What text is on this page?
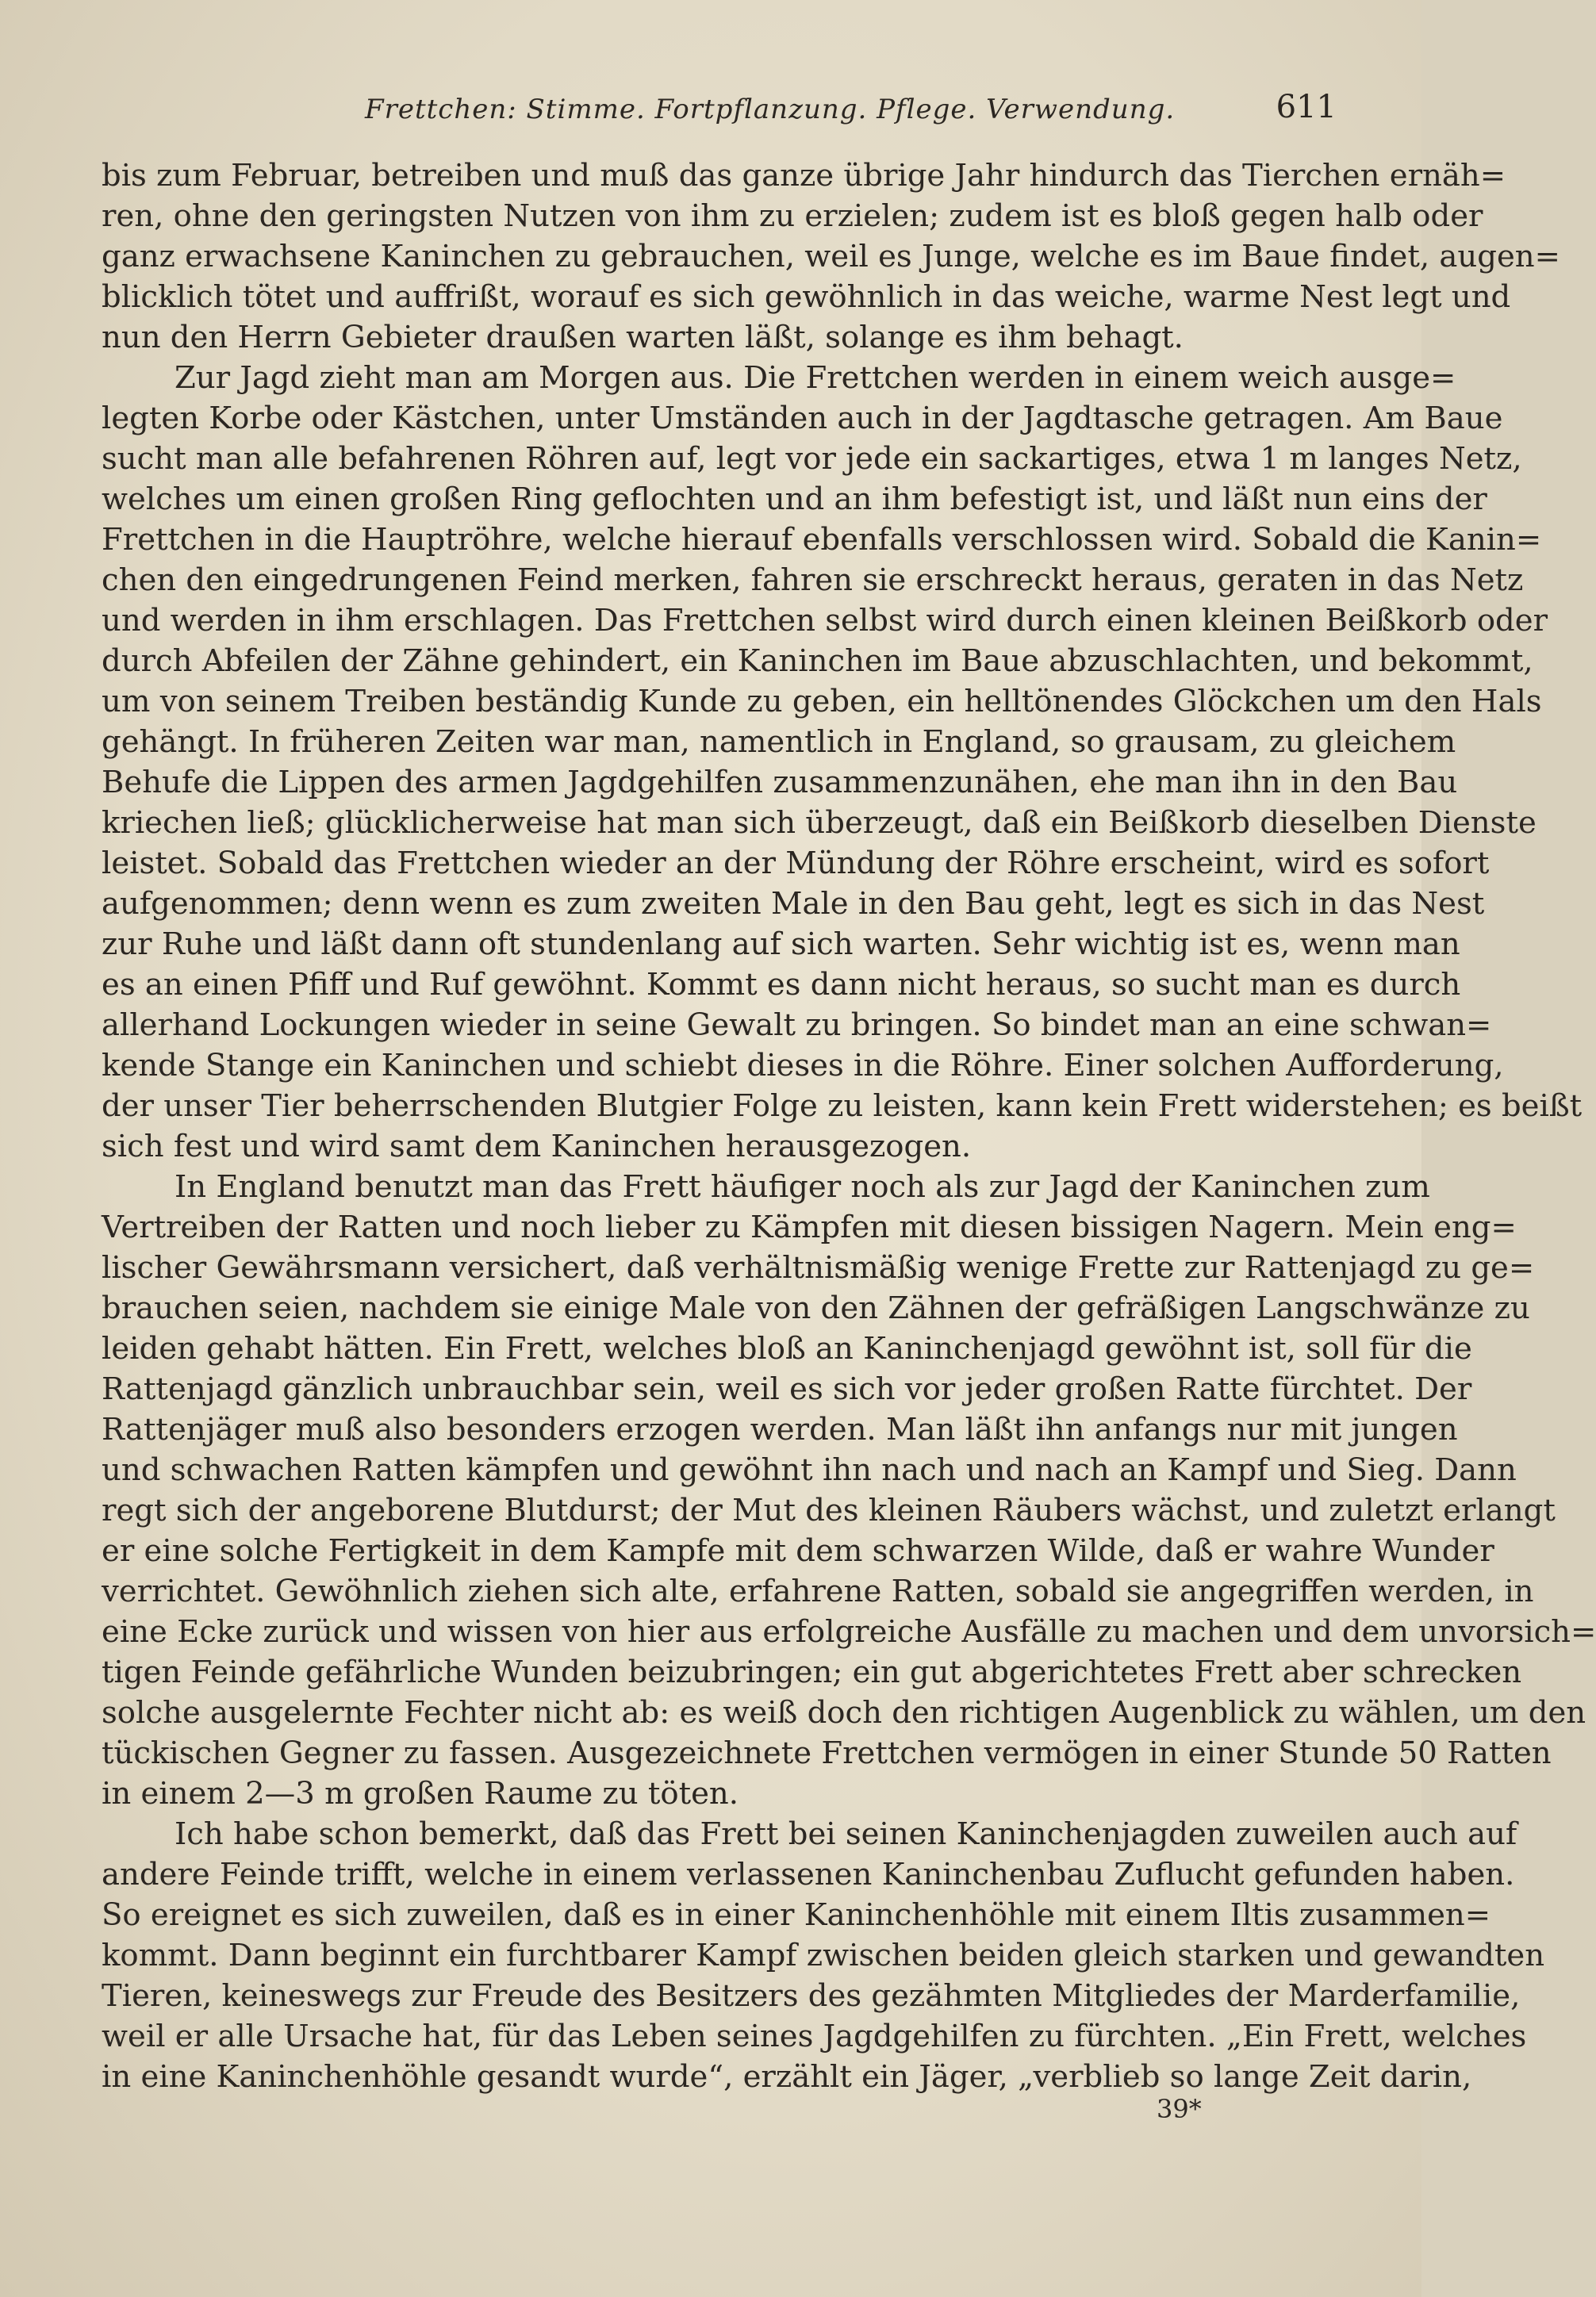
Frettchen: Stimme. Fortpflanzung. Pflege. Verwendung.	611
bis zum Februar, betreiben und muß das ganze übrige Jahr hindurch das Tierchen ernäh=
ren, ohne den geringsten Nutzen von ihm zu erzielen; zudem ist es bloß gegen halb oder
ganz erwachsene Kaninchen zu gebrauchen, weil es Junge, welche es im Baue findet, augen=
blicklich tötet und auffrißt, worauf es sich gewöhnlich in das weiche, warme Nest legt und
nun den Herrn Gebieter draußen warten läßt, solange es ihm behagt.
Zur Jagd zieht man am Morgen aus. Die Frettchen werden in einem weich ausge=
legten Korbe oder Kästchen, unter Umständen auch in der Jagdtasche getragen. Am Baue
sucht man alle befahrenen Röhren auf, legt vor jede ein sackartiges, etwa 1 m langes Netz,
welches um einen großen Ring geflochten und an ihm befestigt ist, und läßt nun eins der
Frettchen in die Hauptröhre, welche hierauf ebenfalls verschlossen wird. Sobald die Kanin=
chen den eingedrungenen Feind merken, fahren sie erschreckt heraus, geraten in das Netz
und werden in ihm erschlagen. Das Frettchen selbst wird durch einen kleinen Beißkorb oder
durch Abfeilen der Zähne gehindert, ein Kaninchen im Baue abzuschlachten, und bekommt,
um von seinem Treiben beständig Kunde zu geben, ein helltönendes Glöckchen um den Hals
gehängt. In früheren Zeiten war man, namentlich in England, so grausam, zu gleichem
Behufe die Lippen des armen Jagdgehilfen zusammenzunähen, ehe man ihn in den Bau
kriechen ließ; glücklicherweise hat man sich überzeugt, daß ein Beißkorb dieselben Dienste
leistet. Sobald das Frettchen wieder an der Mündung der Röhre erscheint, wird es sofort
aufgenommen; denn wenn es zum zweiten Male in den Bau geht, legt es sich in das Nest
zur Ruhe und läßt dann oft stundenlang auf sich warten. Sehr wichtig ist es, wenn man
es an einen Pfiff und Ruf gewöhnt. Kommt es dann nicht heraus, so sucht man es durch
allerhand Lockungen wieder in seine Gewalt zu bringen. So bindet man an eine schwan=
kende Stange ein Kaninchen und schiebt dieses in die Röhre. Einer solchen Aufforderung,
der unser Tier beherrschenden Blutgier Folge zu leisten, kann kein Frett widerstehen; es beißt
sich fest und wird samt dem Kaninchen herausgezogen.
In England benutzt man das Frett häufiger noch als zur Jagd der Kaninchen zum
Vertreiben der Ratten und noch lieber zu Kämpfen mit diesen bissigen Nagern. Mein eng=
lischer Gewährsmann versichert, daß verhältnismäßig wenige Frette zur Rattenjagd zu ge=
brauchen seien, nachdem sie einige Male von den Zähnen der gefräßigen Langschwänze zu
leiden gehabt hätten. Ein Frett, welches bloß an Kaninchenjagd gewöhnt ist, soll für die
Rattenjagd gänzlich unbrauchbar sein, weil es sich vor jeder großen Ratte fürchtet. Der
Rattenjäger muß also besonders erzogen werden. Man läßt ihn anfangs nur mit jungen
und schwachen Ratten kämpfen und gewöhnt ihn nach und nach an Kampf und Sieg. Dann
regt sich der angeborene Blutdurst; der Mut des kleinen Räubers wächst, und zuletzt erlangt
er eine solche Fertigkeit in dem Kampfe mit dem schwarzen Wilde, daß er wahre Wunder
verrichtet. Gewöhnlich ziehen sich alte, erfahrene Ratten, sobald sie angegriffen werden, in
eine Ecke zurück und wissen von hier aus erfolgreiche Ausfälle zu machen und dem unvorsich=
tigen Feinde gefährliche Wunden beizubringen; ein gut abgerichtetes Frett aber schrecken
solche ausgelernte Fechter nicht ab: es weiß doch den richtigen Augenblick zu wählen, um den
tückischen Gegner zu fassen. Ausgezeichnete Frettchen vermögen in einer Stunde 50 Ratten
in einem 2—3 m großen Raume zu töten.
Ich habe schon bemerkt, daß das Frett bei seinen Kaninchenjagden zuweilen auch auf
andere Feinde trifft, welche in einem verlassenen Kaninchenbau Zuflucht gefunden haben.
So ereignet es sich zuweilen, daß es in einer Kaninchenhöhle mit einem Iltis zusammen=
kommt. Dann beginnt ein furchtbarer Kampf zwischen beiden gleich starken und gewandten
Tieren, keineswegs zur Freude des Besitzers des gezähmten Mitgliedes der Marderfamilie,
weil er alle Ursache hat, für das Leben seines Jagdgehilfen zu fürchten. „Ein Frett, welches
in eine Kaninchenhöhle gesandt wurde“, erzählt ein Jäger, „verblieb so lange Zeit darin,
39*
